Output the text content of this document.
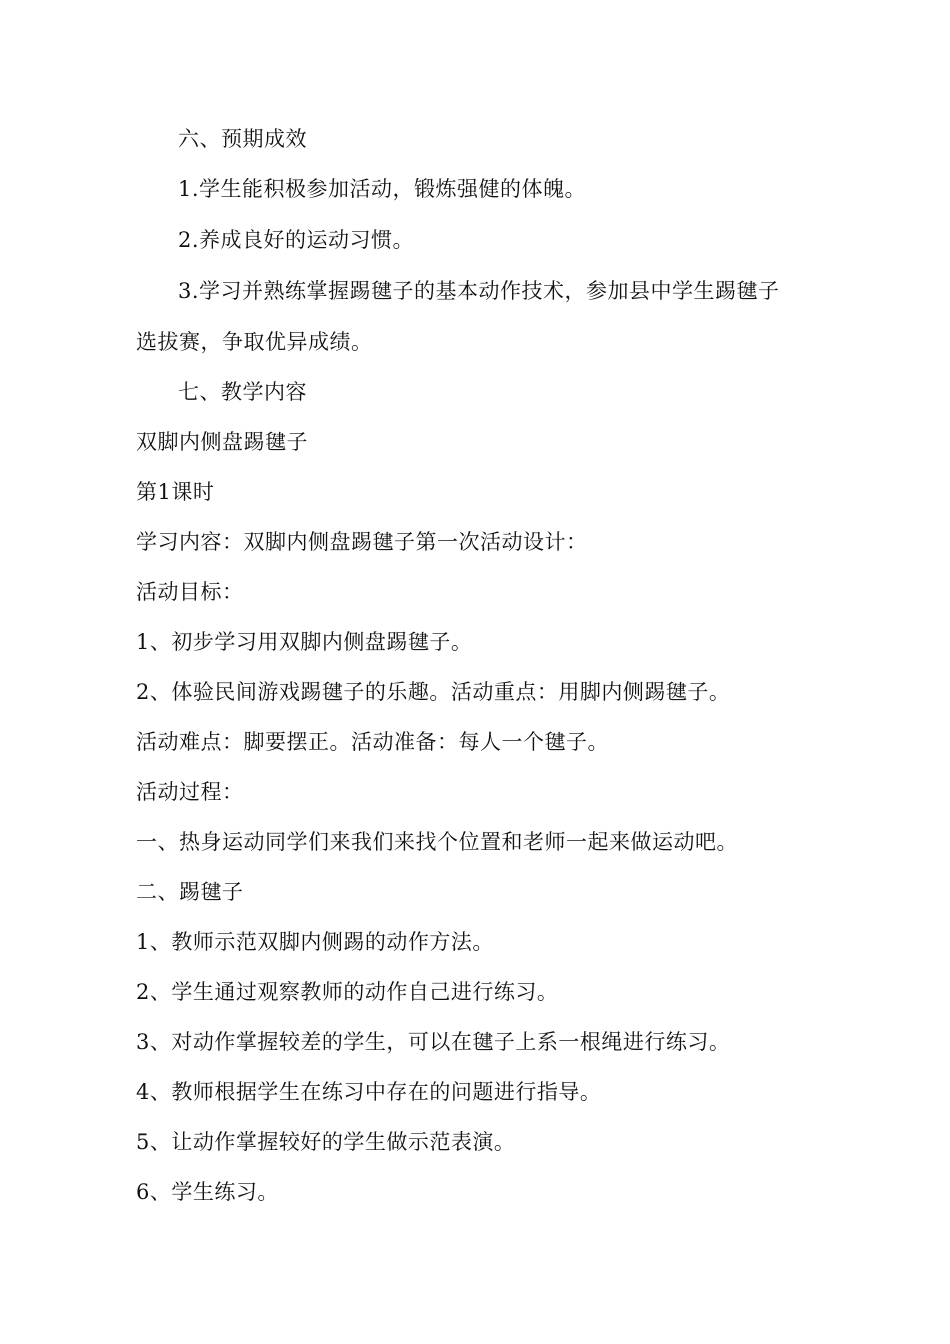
六、预期成效
1.学生能积极参加活动，锻炼强健的体魄。
2.养成良好的运动习惯。
3.学习并熟练掌握踢毽子的基本动作技术，参加县中学生踢毽子
选拔赛，争取优异成绩。
七、教学内容
双脚内侧盘踢毽子
第1课时
学习内容：双脚内侧盘踢毽子第一次活动设计：
活动目标：
1、初步学习用双脚内侧盘踢毽子。
2、体验民间游戏踢毽子的乐趣。活动重点：用脚内侧踢毽子。
活动难点：脚要摆正。活动准备：每人一个毽子。
活动过程：
一、热身运动同学们来我们来找个位置和老师一起来做运动吧。
二、踢毽子
1、教师示范双脚内侧踢的动作方法。
2、学生通过观察教师的动作自己进行练习。
3、对动作掌握较差的学生，可以在毽子上系一根绳进行练习。
4、教师根据学生在练习中存在的问题进行指导。
5、让动作掌握较好的学生做示范表演。
6、学生练习。
